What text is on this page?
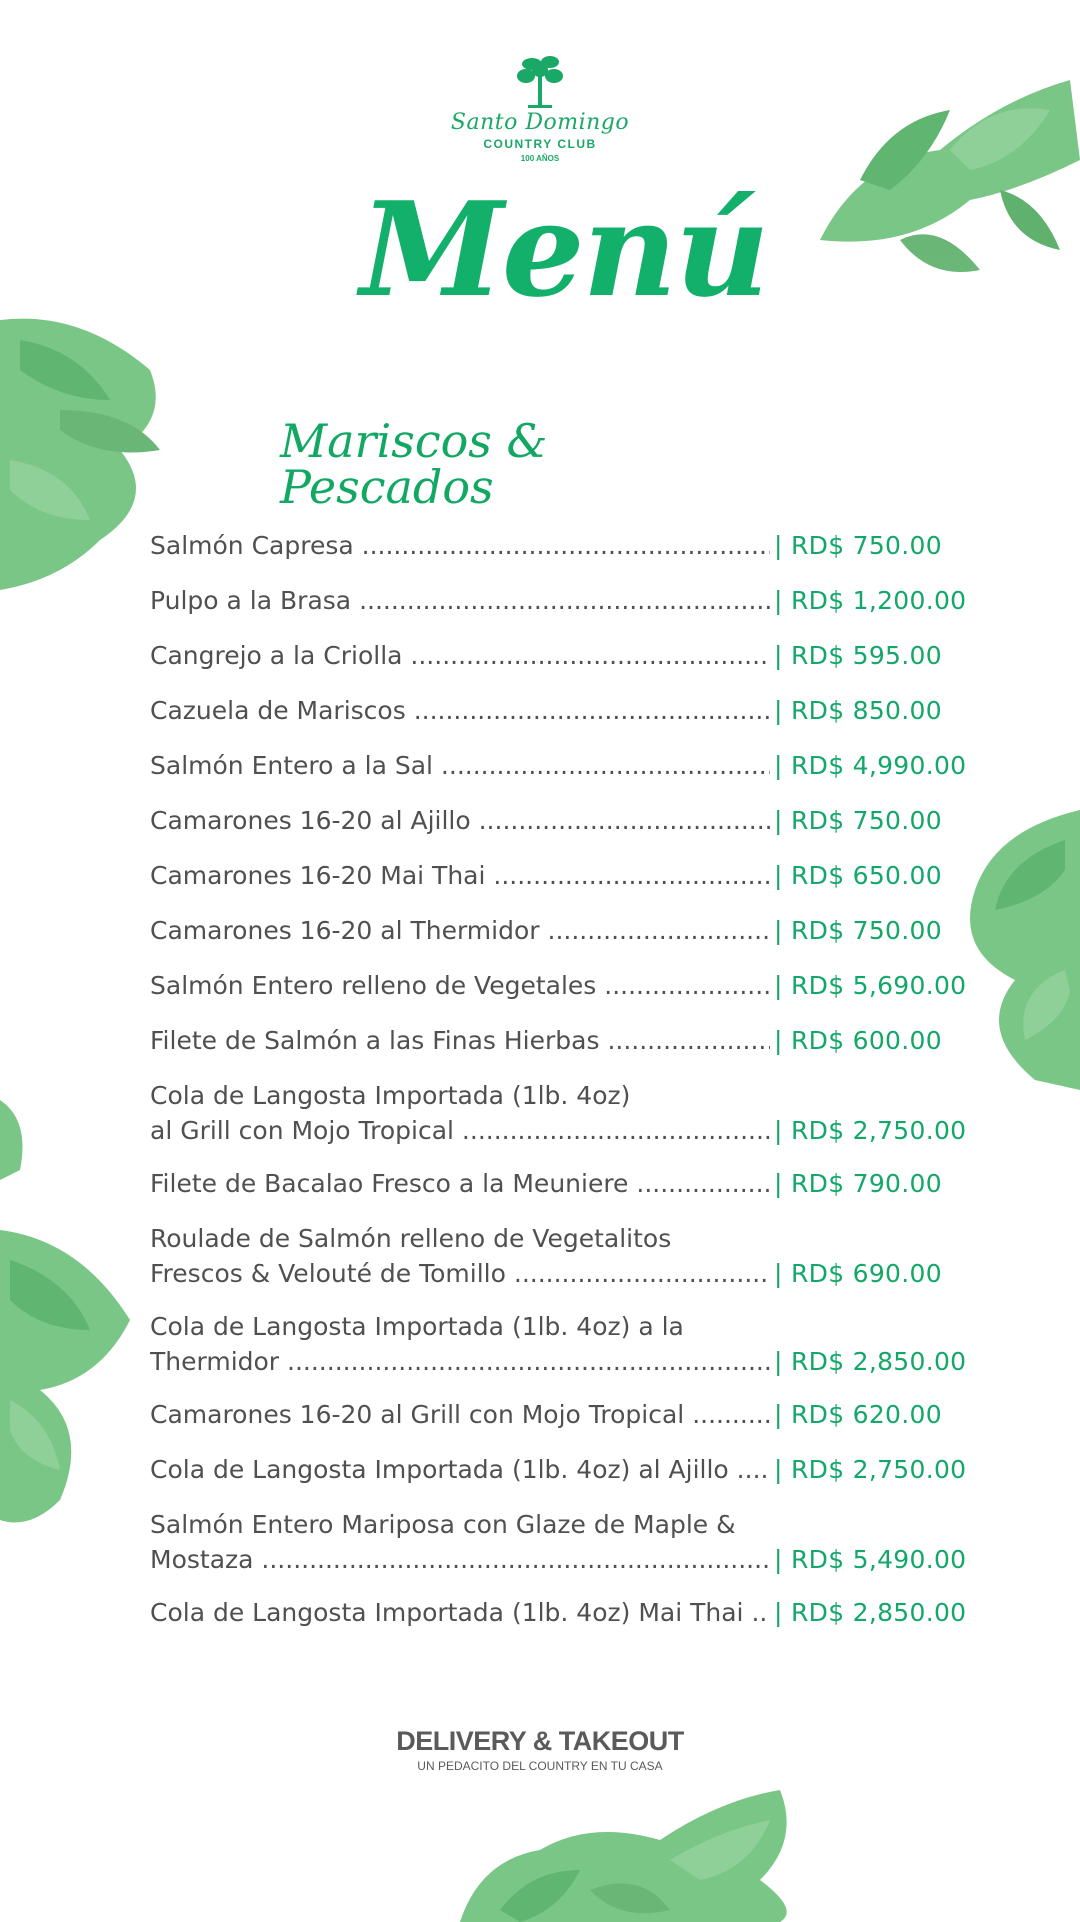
Santo Domingo
COUNTRY CLUB
100 AÑOS
Menú
Mariscos & Pescados
Salmón Capresa .....	| RD$ 750.00
Pulpo a la Brasa .....	| RD$ 1,200.00
Cangrejo a la Criolla .....	| RD$ 595.00
Cazuela de Mariscos .....	| RD$ 850.00
Salmón Entero a la Sal .....	| RD$ 4,990.00
Camarones 16-20 al Ajillo .....	| RD$ 750.00
Camarones 16-20 Mai Thai .....	| RD$ 650.00
Camarones 16-20 al Thermidor .....	| RD$ 750.00
Salmón Entero relleno de Vegetales .....	| RD$ 5,690.00
Filete de Salmón a las Finas Hierbas .....	| RD$ 600.00
Cola de Langosta Importada (1lb. 4oz)
al Grill con Mojo Tropical .....	| RD$ 2,750.00
Filete de Bacalao Fresco a la Meuniere .....	| RD$ 790.00
Roulade de Salmón relleno de Vegetalitos
Frescos & Velouté de Tomillo .....	| RD$ 690.00
Cola de Langosta Importada (1lb. 4oz) a la
Thermidor .....	| RD$ 2,850.00
Camarones 16-20 al Grill con Mojo Tropical .....	| RD$ 620.00
Cola de Langosta Importada (1lb. 4oz) al Ajillo .....	| RD$ 2,750.00
Salmón Entero Mariposa con Glaze de Maple &
Mostaza .....	| RD$ 5,490.00
Cola de Langosta Importada (1lb. 4oz) Mai Thai .....	| RD$ 2,850.00
DELIVERY & TAKEOUT
UN PEDACITO DEL COUNTRY EN TU CASA
